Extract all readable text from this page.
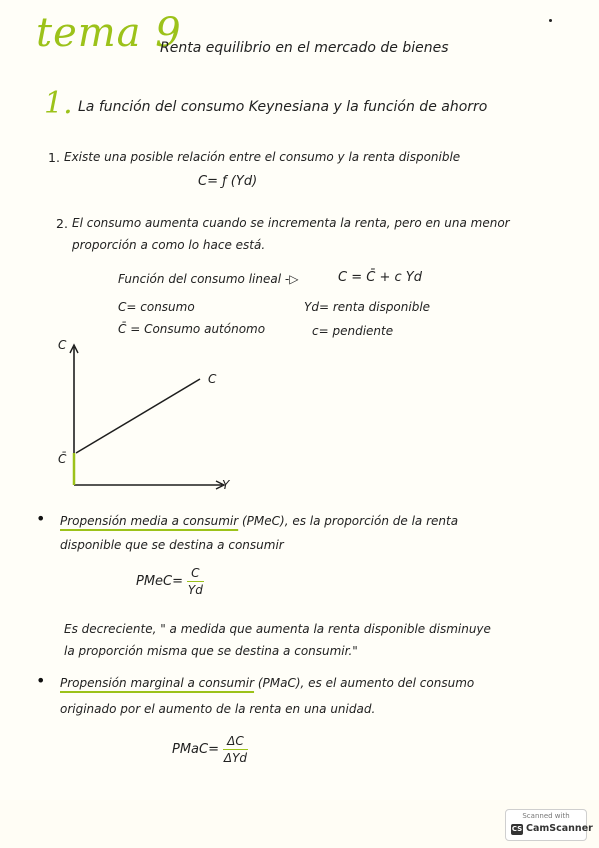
tema 9
Renta equilibrio en el mercado de bienes
1. La función del consumo Keynesiana y la función de ahorro
1. Existe una posible relación entre el consumo y la renta disponible
C= ƒ (Yd)
2. El consumo aumenta cuando se incrementa la renta, pero en una menor
proporción a como lo hace está.
Función del consumo lineal -▷	C = C̄ + c Yd
C= consumo	Yd= renta disponible
C̄ = Consumo autónomo	c= pendiente
C
Y
C
C̄
• Propensión media a consumir (PMeC), es la proporción de la renta
disponible que se destina a consumir
PMeC= $\frac{C}{Yd}$
Es decreciente, " a medida que aumenta la renta disponible disminuye
la proporción misma que se destina a consumir."
• Propensión marginal a consumir (PMaC), es el aumento del consumo
originado por el aumento de la renta en una unidad.
PMaC= $\frac{\Delta C}{\text{ΔYd}}$
Scanned with
CS CamScanner
